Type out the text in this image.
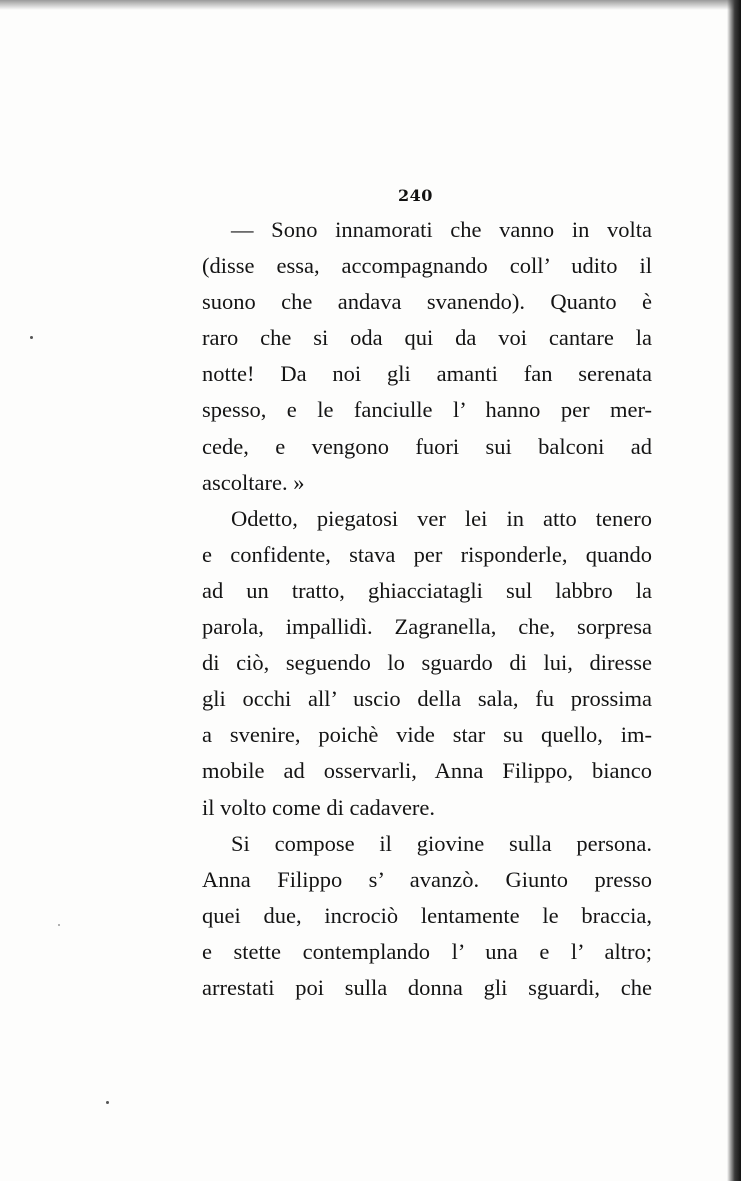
240
— Sono innamorati che vanno in volta
(disse essa, accompagnando coll’ udito il
suono che andava svanendo). Quanto è
raro che si oda qui da voi cantare la
notte! Da noi gli amanti fan serenata
spesso, e le fanciulle l’ hanno per mer-
cede, e vengono fuori sui balconi ad
ascoltare. »
Odetto, piegatosi ver lei in atto tenero
e confidente, stava per risponderle, quando
ad un tratto, ghiacciatagli sul labbro la
parola, impallidì. Zagranella, che, sorpresa
di ciò, seguendo lo sguardo di lui, diresse
gli occhi all’ uscio della sala, fu prossima
a svenire, poichè vide star su quello, im-
mobile ad osservarli, Anna Filippo, bianco
il volto come di cadavere.
Si compose il giovine sulla persona.
Anna Filippo s’ avanzò. Giunto presso
quei due, incrociò lentamente le braccia,
e stette contemplando l’ una e l’ altro;
arrestati poi sulla donna gli sguardi, che
